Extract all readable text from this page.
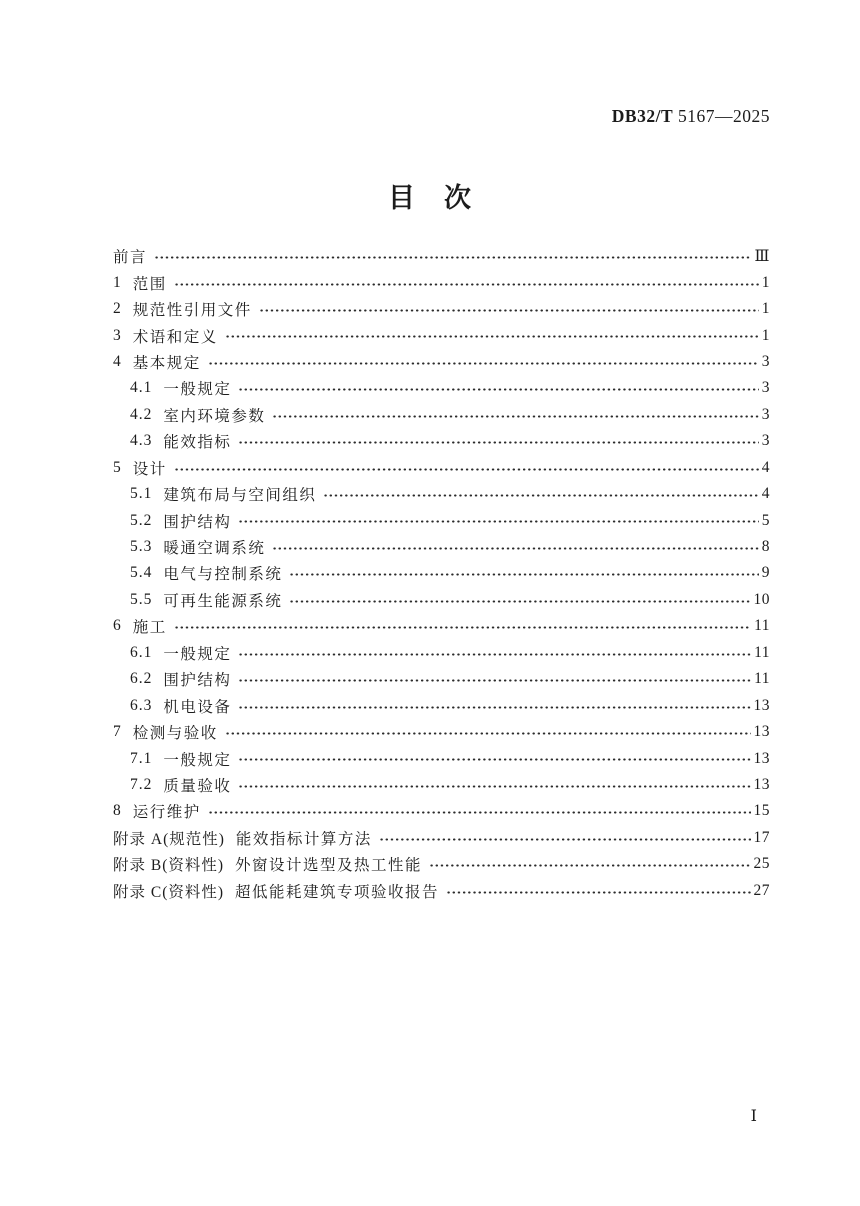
DB32/T 5167—2025
目　次
前言	Ⅲ
1 范围	1
2 规范性引用文件	1
3 术语和定义	1
4 基本规定	3
4.1 一般规定	3
4.2 室内环境参数	3
4.3 能效指标	3
5 设计	4
5.1 建筑布局与空间组织	4
5.2 围护结构	5
5.3 暖通空调系统	8
5.4 电气与控制系统	9
5.5 可再生能源系统	10
6 施工	11
6.1 一般规定	11
6.2 围护结构	11
6.3 机电设备	13
7 检测与验收	13
7.1 一般规定	13
7.2 质量验收	13
8 运行维护	15
附录 A(规范性) 能效指标计算方法	17
附录 B(资料性) 外窗设计选型及热工性能	25
附录 C(资料性) 超低能耗建筑专项验收报告	27
Ⅰ
